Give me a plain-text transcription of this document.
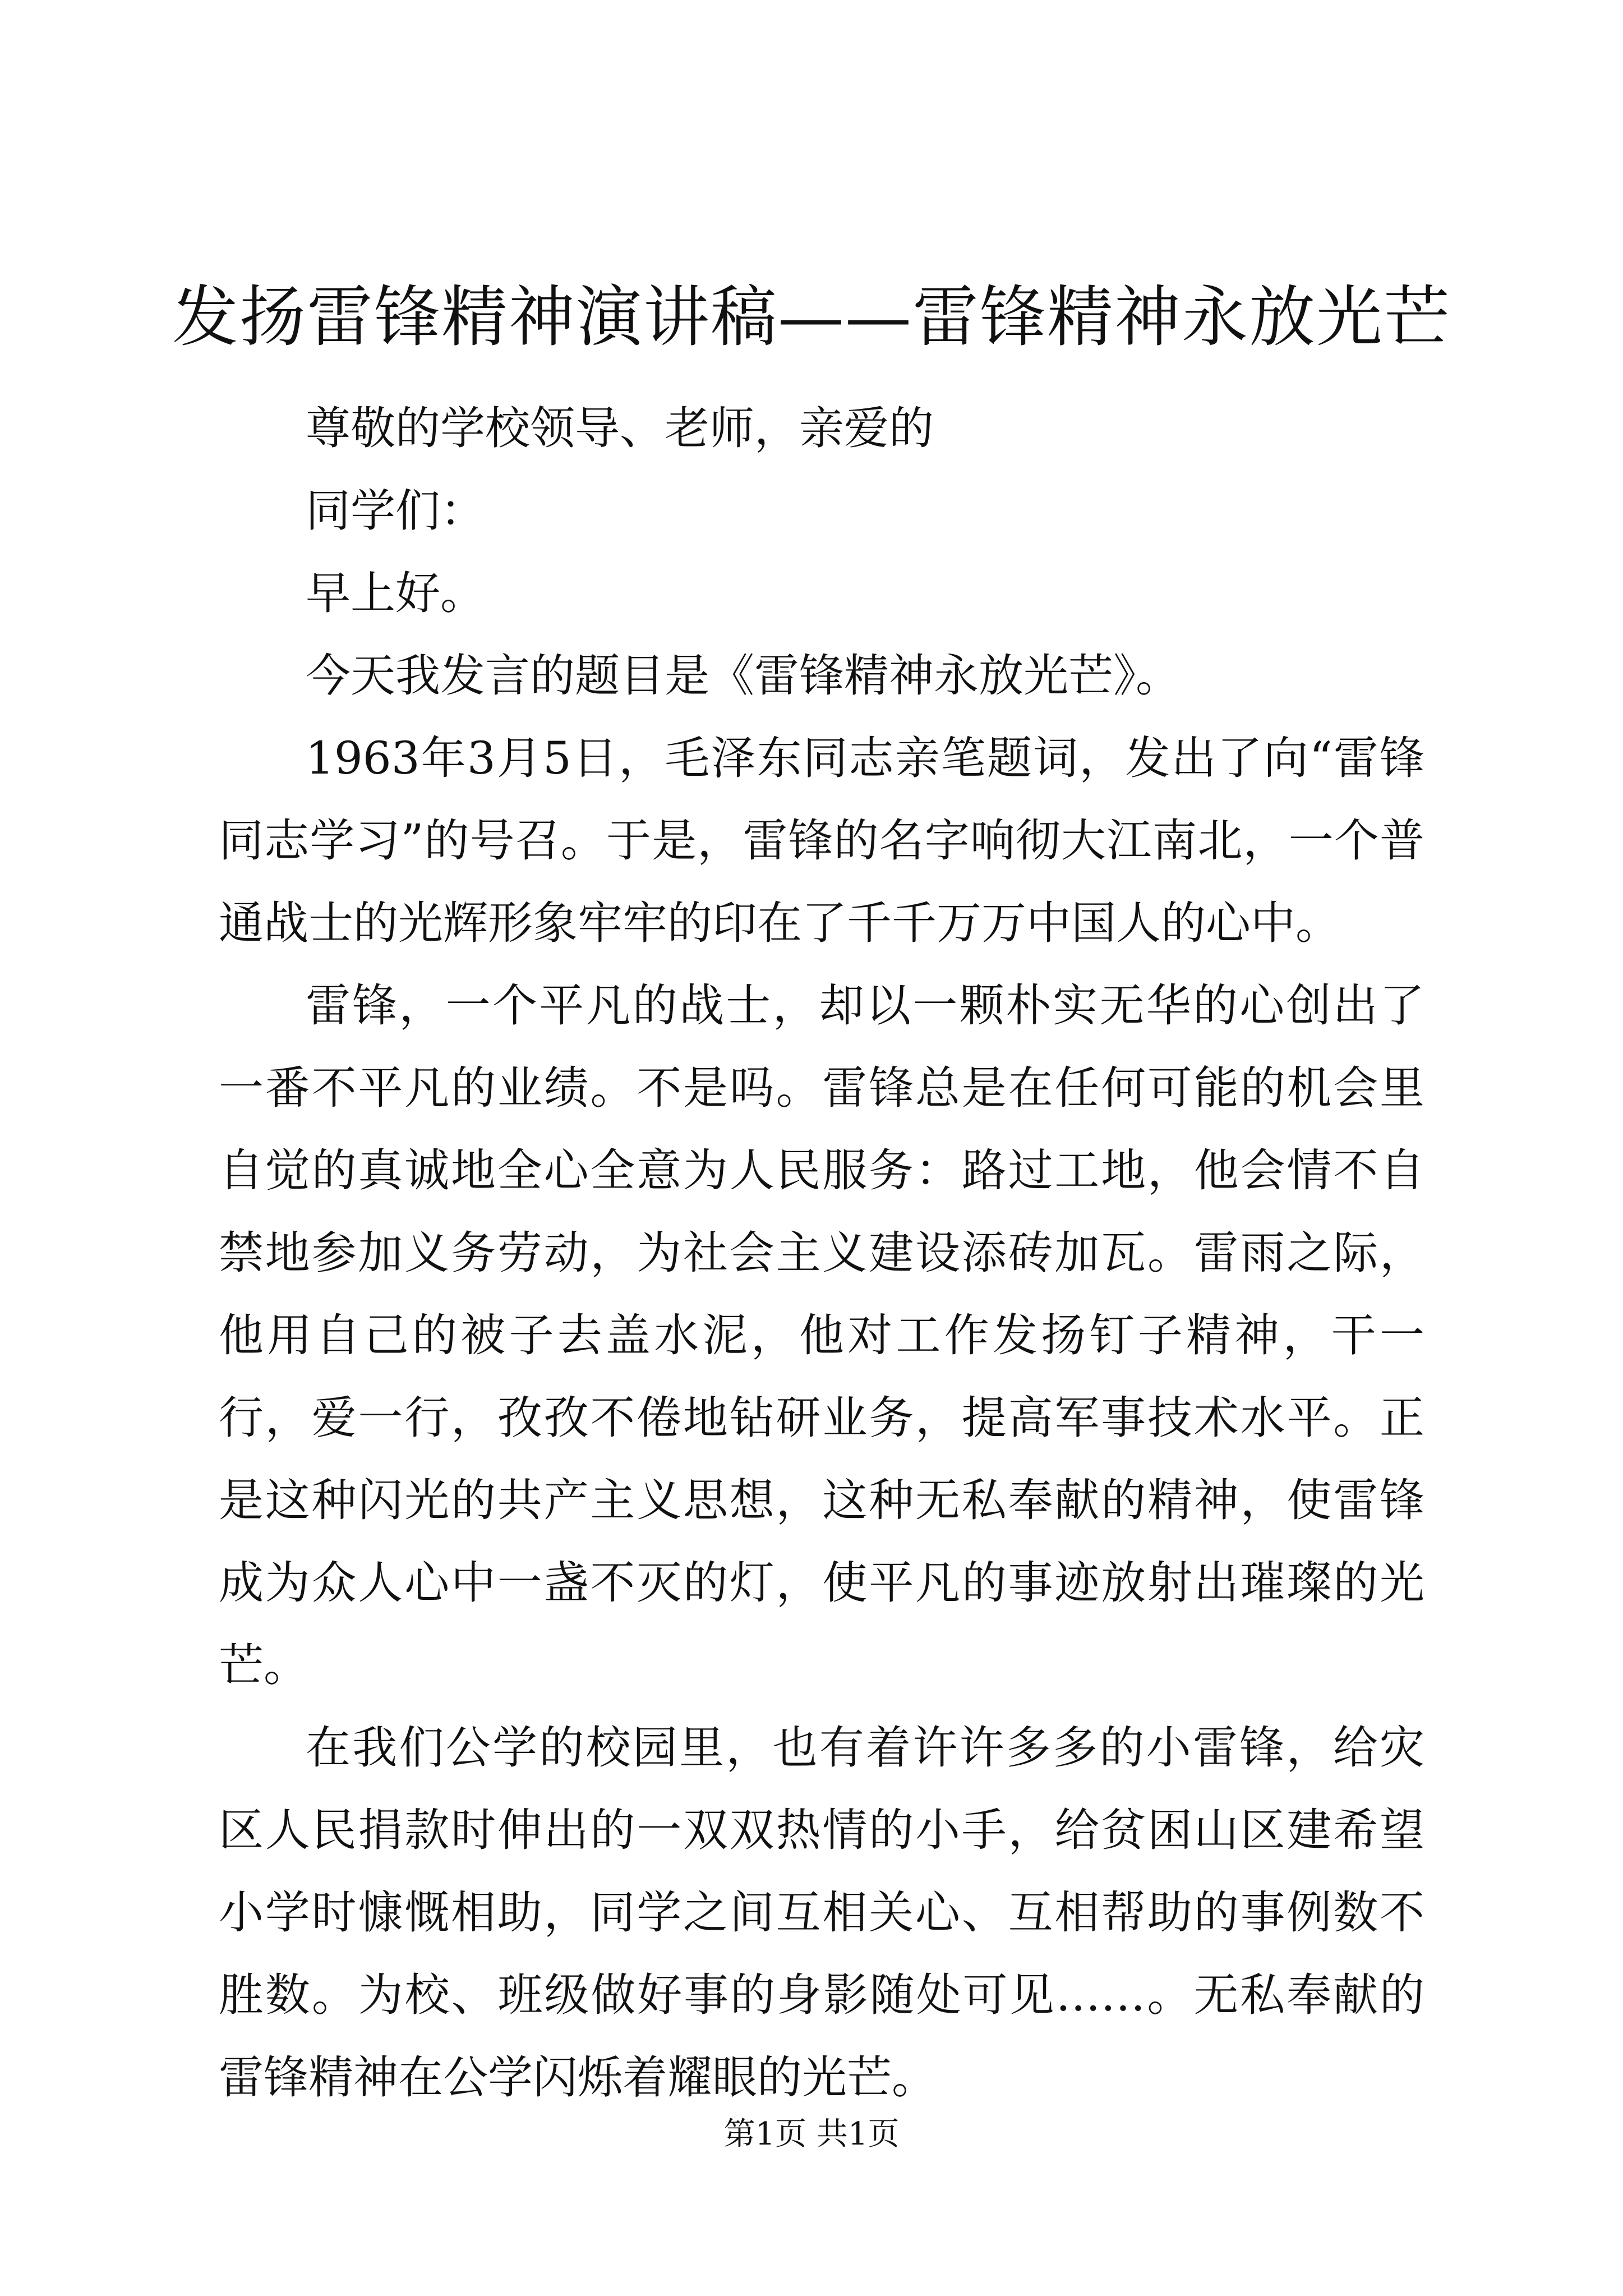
发扬雷锋精神演讲稿——雷锋精神永放光芒

尊敬的学校领导、老师，亲爱的

同学们：

早上好。

今天我发言的题目是《雷锋精神永放光芒》。

1963年3月5日，毛泽东同志亲笔题词，发出了向“雷锋同志学习”的号召。于是，雷锋的名字响彻大江南北，一个普通战士的光辉形象牢牢的印在了千千万万中国人的心中。

雷锋，一个平凡的战士，却以一颗朴实无华的心创出了一番不平凡的业绩。不是吗。雷锋总是在任何可能的机会里自觉的真诚地全心全意为人民服务：路过工地，他会情不自禁地参加义务劳动，为社会主义建设添砖加瓦。雷雨之际，他用自己的被子去盖水泥，他对工作发扬钉子精神，干一行，爱一行，孜孜不倦地钻研业务，提高军事技术水平。正是这种闪光的共产主义思想，这种无私奉献的精神，使雷锋成为众人心中一盏不灭的灯，使平凡的事迹放射出璀璨的光芒。

在我们公学的校园里，也有着许许多多的小雷锋，给灾区人民捐款时伸出的一双双热情的小手，给贫困山区建希望小学时慷慨相助，同学之间互相关心、互相帮助的事例数不胜数。为校、班级做好事的身影随处可见……。无私奉献的雷锋精神在公学闪烁着耀眼的光芒。

第1页 共1页
